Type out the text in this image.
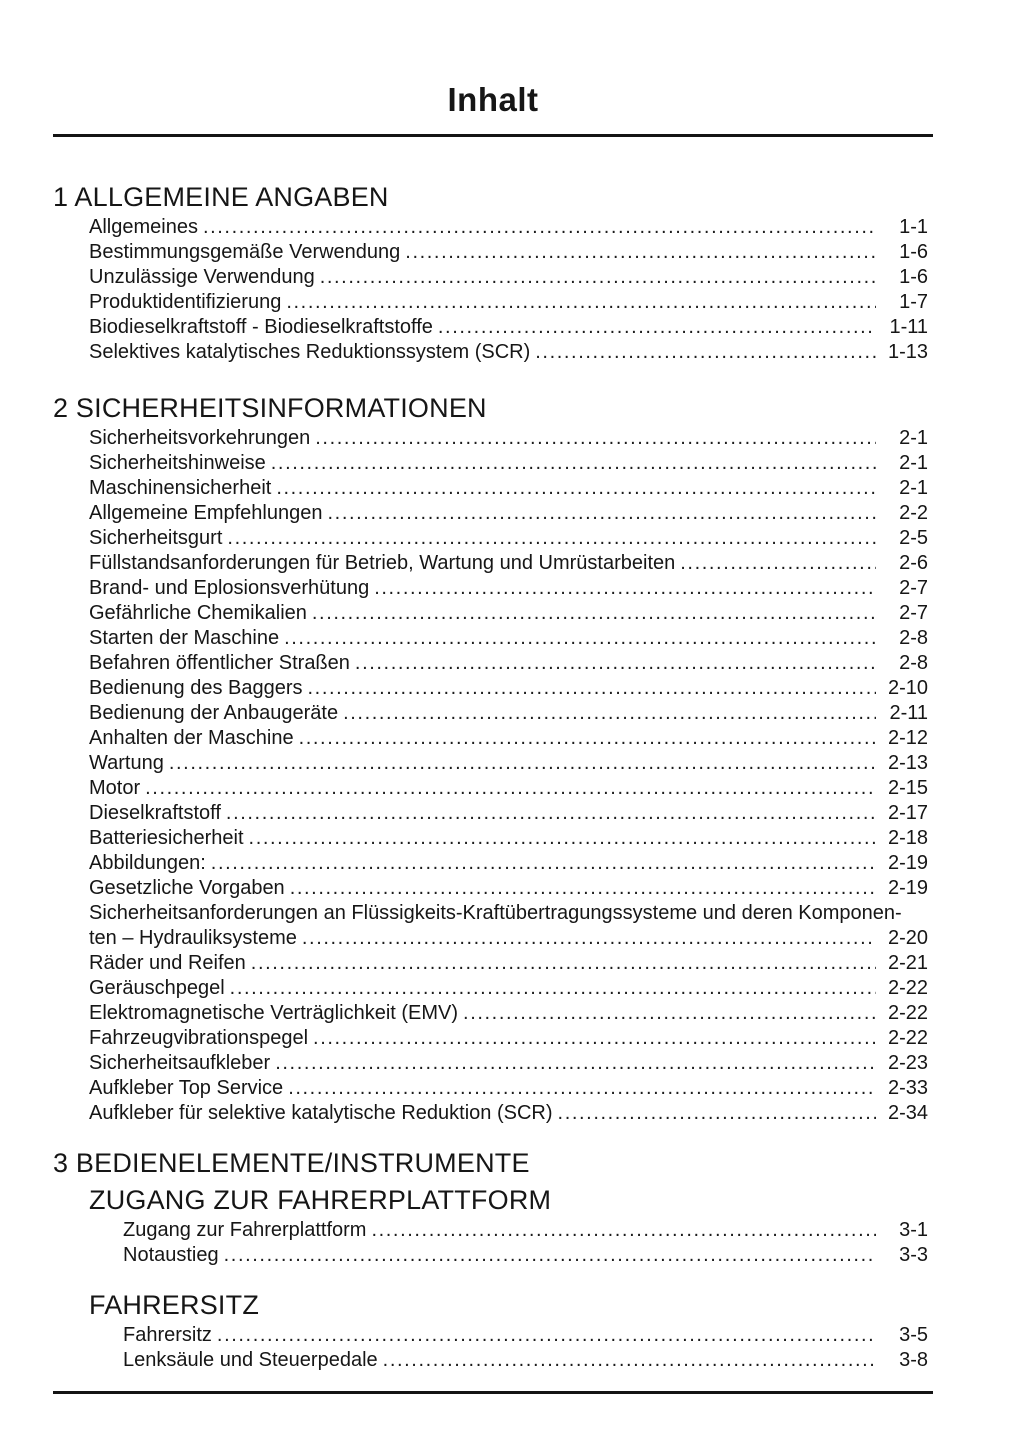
Inhalt
1 ALLGEMEINE ANGABEN
Allgemeines .....	1-1
Bestimmungsgemäße Verwendung .....	1-6
Unzulässige Verwendung .....	1-6
Produktidentifizierung .....	1-7
Biodieselkraftstoff - Biodieselkraftstoffe .....	1-11
Selektives katalytisches Reduktionssystem (SCR) .....	1-13
2 SICHERHEITSINFORMATIONEN
Sicherheitsvorkehrungen .....	2-1
Sicherheitshinweise .....	2-1
Maschinensicherheit .....	2-1
Allgemeine Empfehlungen .....	2-2
Sicherheitsgurt .....	2-5
Füllstandsanforderungen für Betrieb, Wartung und Umrüstarbeiten .....	2-6
Brand- und Eplosionsverhütung .....	2-7
Gefährliche Chemikalien .....	2-7
Starten der Maschine .....	2-8
Befahren öffentlicher Straßen .....	2-8
Bedienung des Baggers .....	2-10
Bedienung der Anbaugeräte .....	2-11
Anhalten der Maschine .....	2-12
Wartung .....	2-13
Motor .....	2-15
Dieselkraftstoff .....	2-17
Batteriesicherheit .....	2-18
Abbildungen: .....	2-19
Gesetzliche Vorgaben .....	2-19
Sicherheitsanforderungen an Flüssigkeits-Kraftübertragungssysteme und deren Komponen-
ten – Hydrauliksysteme .....	2-20
Räder und Reifen .....	2-21
Geräuschpegel .....	2-22
Elektromagnetische Verträglichkeit (EMV) .....	2-22
Fahrzeugvibrationspegel .....	2-22
Sicherheitsaufkleber .....	2-23
Aufkleber Top Service .....	2-33
Aufkleber für selektive katalytische Reduktion (SCR) .....	2-34
3 BEDIENELEMENTE/INSTRUMENTE
ZUGANG ZUR FAHRERPLATTFORM
Zugang zur Fahrerplattform .....	3-1
Notaustieg .....	3-3
FAHRERSITZ
Fahrersitz .....	3-5
Lenksäule und Steuerpedale .....	3-8
